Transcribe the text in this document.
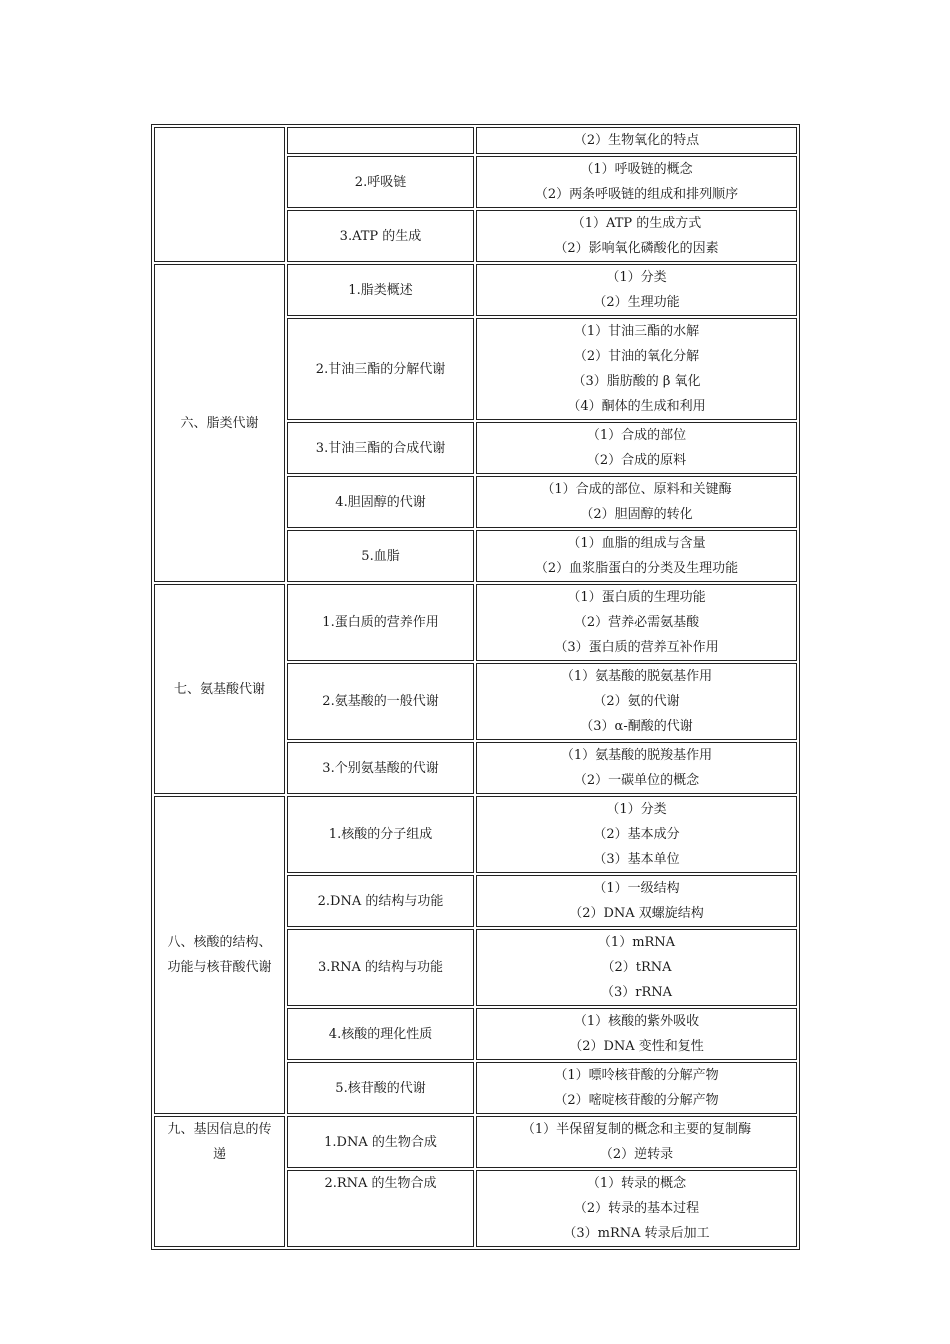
		（2）生物氧化的特点

	2.呼吸链	（1）呼吸链的概念
（2）两条呼吸链的组成和排列顺序

	3.ATP 的生成	（1）ATP 的生成方式
（2）影响氧化磷酸化的因素

六、脂类代谢	1.脂类概述	（1）分类
（2）生理功能

	2.甘油三酯的分解代谢	（1）甘油三酯的水解
（2）甘油的氧化分解
（3）脂肪酸的 β 氧化
（4）酮体的生成和利用

	3.甘油三酯的合成代谢	（1）合成的部位
（2）合成的原料

	4.胆固醇的代谢	（1）合成的部位、原料和关键酶
（2）胆固醇的转化

	5.血脂	（1）血脂的组成与含量
（2）血浆脂蛋白的分类及生理功能

七、氨基酸代谢	1.蛋白质的营养作用	（1）蛋白质的生理功能
（2）营养必需氨基酸
（3）蛋白质的营养互补作用

	2.氨基酸的一般代谢	（1）氨基酸的脱氨基作用
（2）氨的代谢
（3）α-酮酸的代谢

	3.个别氨基酸的代谢	（1）氨基酸的脱羧基作用
（2）一碳单位的概念

八、核酸的结构、
功能与核苷酸代谢	1.核酸的分子组成	（1）分类
（2）基本成分
（3）基本单位

	2.DNA 的结构与功能	（1）一级结构
（2）DNA 双螺旋结构

	3.RNA 的结构与功能	（1）mRNA
（2）tRNA
（3）rRNA

	4.核酸的理化性质	（1）核酸的紫外吸收
（2）DNA 变性和复性

	5.核苷酸的代谢	（1）嘌呤核苷酸的分解产物
（2）嘧啶核苷酸的分解产物

九、基因信息的传
递	1.DNA 的生物合成	（1）半保留复制的概念和主要的复制酶
（2）逆转录

	2.RNA 的生物合成	（1）转录的概念
（2）转录的基本过程
（3）mRNA 转录后加工
